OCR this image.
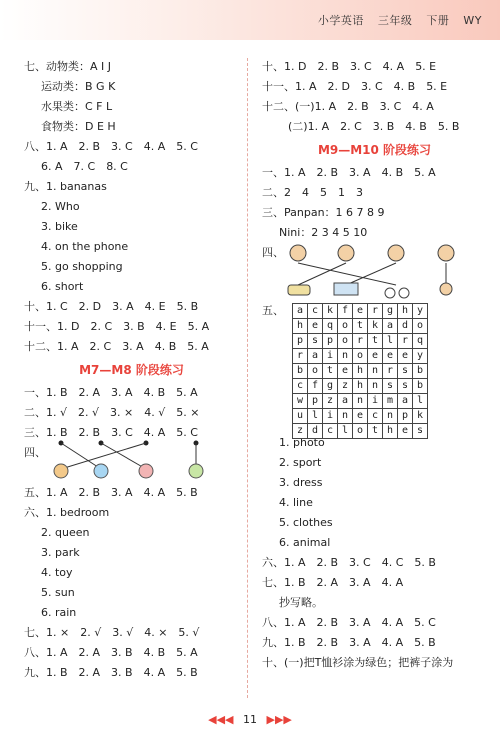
小学英语 三年级 下册 WY
七、动物类：A I J
运动类：B G K
水果类：C F L
食物类：D E H
八、1. A　2. B　3. C　4. A　5. C
6. A　7. C　8. C
九、1. bananas
2. Who
3. bike
4. on the phone
5. go shopping
6. short
十、1. C　2. D　3. A　4. E　5. B
十一、1. D　2. C　3. B　4. E　5. A
十二、1. A　2. C　3. A　4. B　5. A
M7—M8 阶段练习
一、1. B　2. A　3. A　4. B　5. A
二、1. √　2. √　3. ×　4. √　5. ×
三、1. B　2. B　3. C　4. A　5. C
四、
五、1. A　2. B　3. A　4. A　5. B
六、1. bedroom
2. queen
3. park
4. toy
5. sun
6. rain
七、1. ×　2. √　3. √　4. ×　5. √
八、1. A　2. A　3. B　4. B　5. A
九、1. B　2. A　3. B　4. A　5. B
十、1. D　2. B　3. C　4. A　5. E
十一、1. A　2. D　3. C　4. B　5. E
十二、(一)1. A　2. B　3. C　4. A
(二)1. A　2. C　3. B　4. B　5. B
M9—M10 阶段练习
一、1. A　2. B　3. A　4. B　5. A
二、2　4　5　1　3
三、Panpan：1 6 7 8 9
Nini：2 3 4 5 10
四、
五、 a	c	k	f	e	r	g	h	y
h	e	q	o	t	k	a	d	o
p	s	p	o	r	t	l	r	q
r	a	i	n	o	e	e	e	y
b	o	t	e	h	n	r	s	b
c	f	g	z	h	n	s	s	b
w	p	z	a	n	i	m	a	l
u	l	i	n	e	c	n	p	k
z	d	c	l	o	t	h	e	s
1. photo
2. sport
3. dress
4. line
5. clothes
6. animal
六、1. A　2. B　3. C　4. C　5. B
七、1. B　2. A　3. A　4. A
抄写略。
八、1. A　2. B　3. A　4. A　5. C
九、1. B　2. B　3. A　4. A　5. B
十、(一)把T恤衫涂为绿色；把裤子涂为
◀◀◀ 11 ▶▶▶
